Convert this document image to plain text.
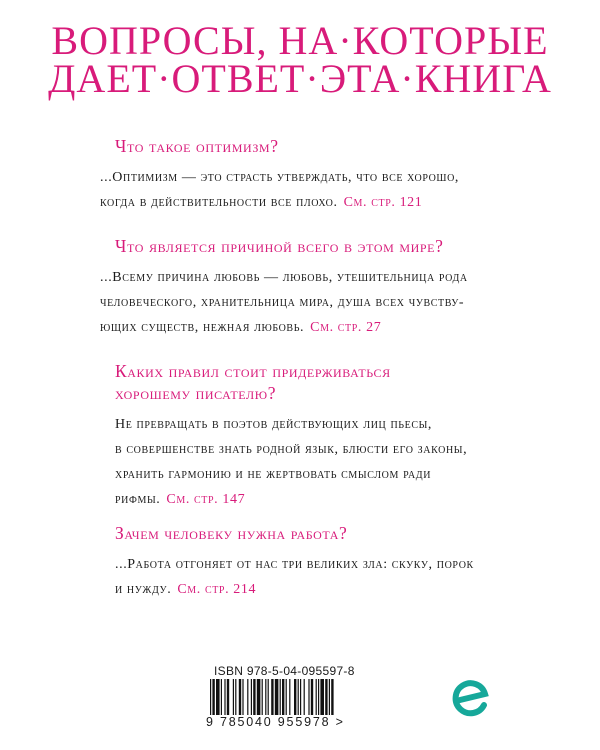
ВОПРОСЫ, НА·КОТОРЫЕ
ДАЕТ·ОТВЕТ·ЭТА·КНИГА
Что такое оптимизм?
...Оптимизм — это страсть утверждать, что все хорошо,
когда в действительности все плохо. См. стр. 121
Что является причиной всего в этом мире?
...Всему причина любовь — любовь, утешительница рода
человеческого, хранительница мира, душа всех чувству-
ющих существ, нежная любовь. См. стр. 27
Каких правил стоит придерживаться
хорошему писателю?
Не превращать в поэтов действующих лиц пьесы,
в совершенстве знать родной язык, блюсти его законы,
хранить гармонию и не жертвовать смыслом ради
рифмы. См. стр. 147
Зачем человеку нужна работа?
...Работа отгоняет от нас три великих зла: скуку, порок
и нужду. См. стр. 214
ISBN 978-5-04-095597-8
9 785040 955978 >
